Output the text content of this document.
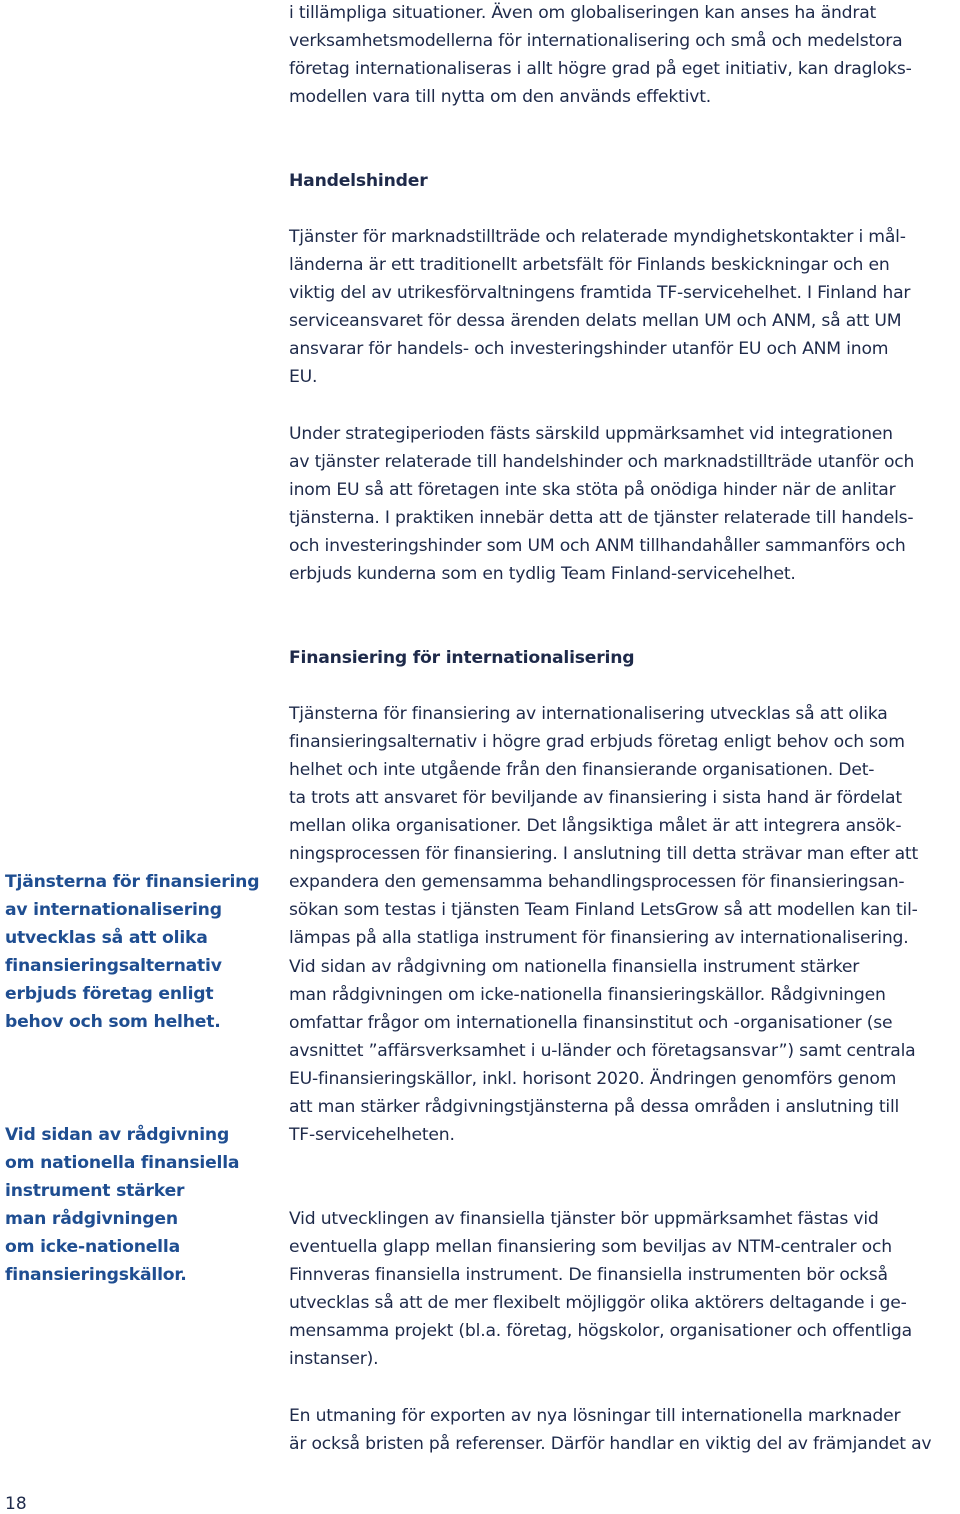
i tillämpliga situationer. Även om globaliseringen kan anses ha ändrat
verksamhetsmodellerna för internationalisering och små och medelstora
företag internationaliseras i allt högre grad på eget initiativ, kan dragloks-
modellen vara till nytta om den används effektivt.

Handelshinder

Tjänster för marknadstillträde och relaterade myndighetskontakter i mål-
länderna är ett traditionellt arbetsfält för Finlands beskickningar och en
viktig del av utrikesförvaltningens framtida TF-servicehelhet. I Finland har
serviceansvaret för dessa ärenden delats mellan UM och ANM, så att UM
ansvarar för handels- och investeringshinder utanför EU och ANM inom
EU.

Under strategiperioden fästs särskild uppmärksamhet vid integrationen
av tjänster relaterade till handelshinder och marknadstillträde utanför och
inom EU så att företagen inte ska stöta på onödiga hinder när de anlitar
tjänsterna. I praktiken innebär detta att de tjänster relaterade till handels-
och investeringshinder som UM och ANM tillhandahåller sammanförs och
erbjuds kunderna som en tydlig Team Finland-servicehelhet.

Finansiering för internationalisering

Tjänsterna för finansiering av internationalisering utvecklas så att olika
finansieringsalternativ i högre grad erbjuds företag enligt behov och som
helhet och inte utgående från den finansierande organisationen. Det-
ta trots att ansvaret för beviljande av finansiering i sista hand är fördelat
mellan olika organisationer. Det långsiktiga målet är att integrera ansök-
ningsprocessen för finansiering. I anslutning till detta strävar man efter att
expandera den gemensamma behandlingsprocessen för finansieringsan-
sökan som testas i tjänsten Team Finland LetsGrow så att modellen kan til-
lämpas på alla statliga instrument för finansiering av internationalisering.

Vid sidan av rådgivning om nationella finansiella instrument stärker
man rådgivningen om icke-nationella finansieringskällor. Rådgivningen
omfattar frågor om internationella finansinstitut och -organisationer (se
avsnittet ”affärsverksamhet i u-länder och företagsansvar”) samt centrala
EU-finansieringskällor, inkl. horisont 2020. Ändringen genomförs genom
att man stärker rådgivningstjänsterna på dessa områden i anslutning till
TF-servicehelheten.

Vid utvecklingen av finansiella tjänster bör uppmärksamhet fästas vid
eventuella glapp mellan finansiering som beviljas av NTM-centraler och
Finnveras finansiella instrument. De finansiella instrumenten bör också
utvecklas så att de mer flexibelt möjliggör olika aktörers deltagande i ge-
mensamma projekt (bl.a. företag, högskolor, organisationer och offentliga
instanser).

En utmaning för exporten av nya lösningar till internationella marknader
är också bristen på referenser. Därför handlar en viktig del av främjandet av

Tjänsterna för finansiering
av internationalisering
utvecklas så att olika
finansieringsalternativ
erbjuds företag enligt
behov och som helhet.

Vid sidan av rådgivning
om nationella finansiella
instrument stärker
man rådgivningen
om icke-nationella
finansieringskällor.

18
